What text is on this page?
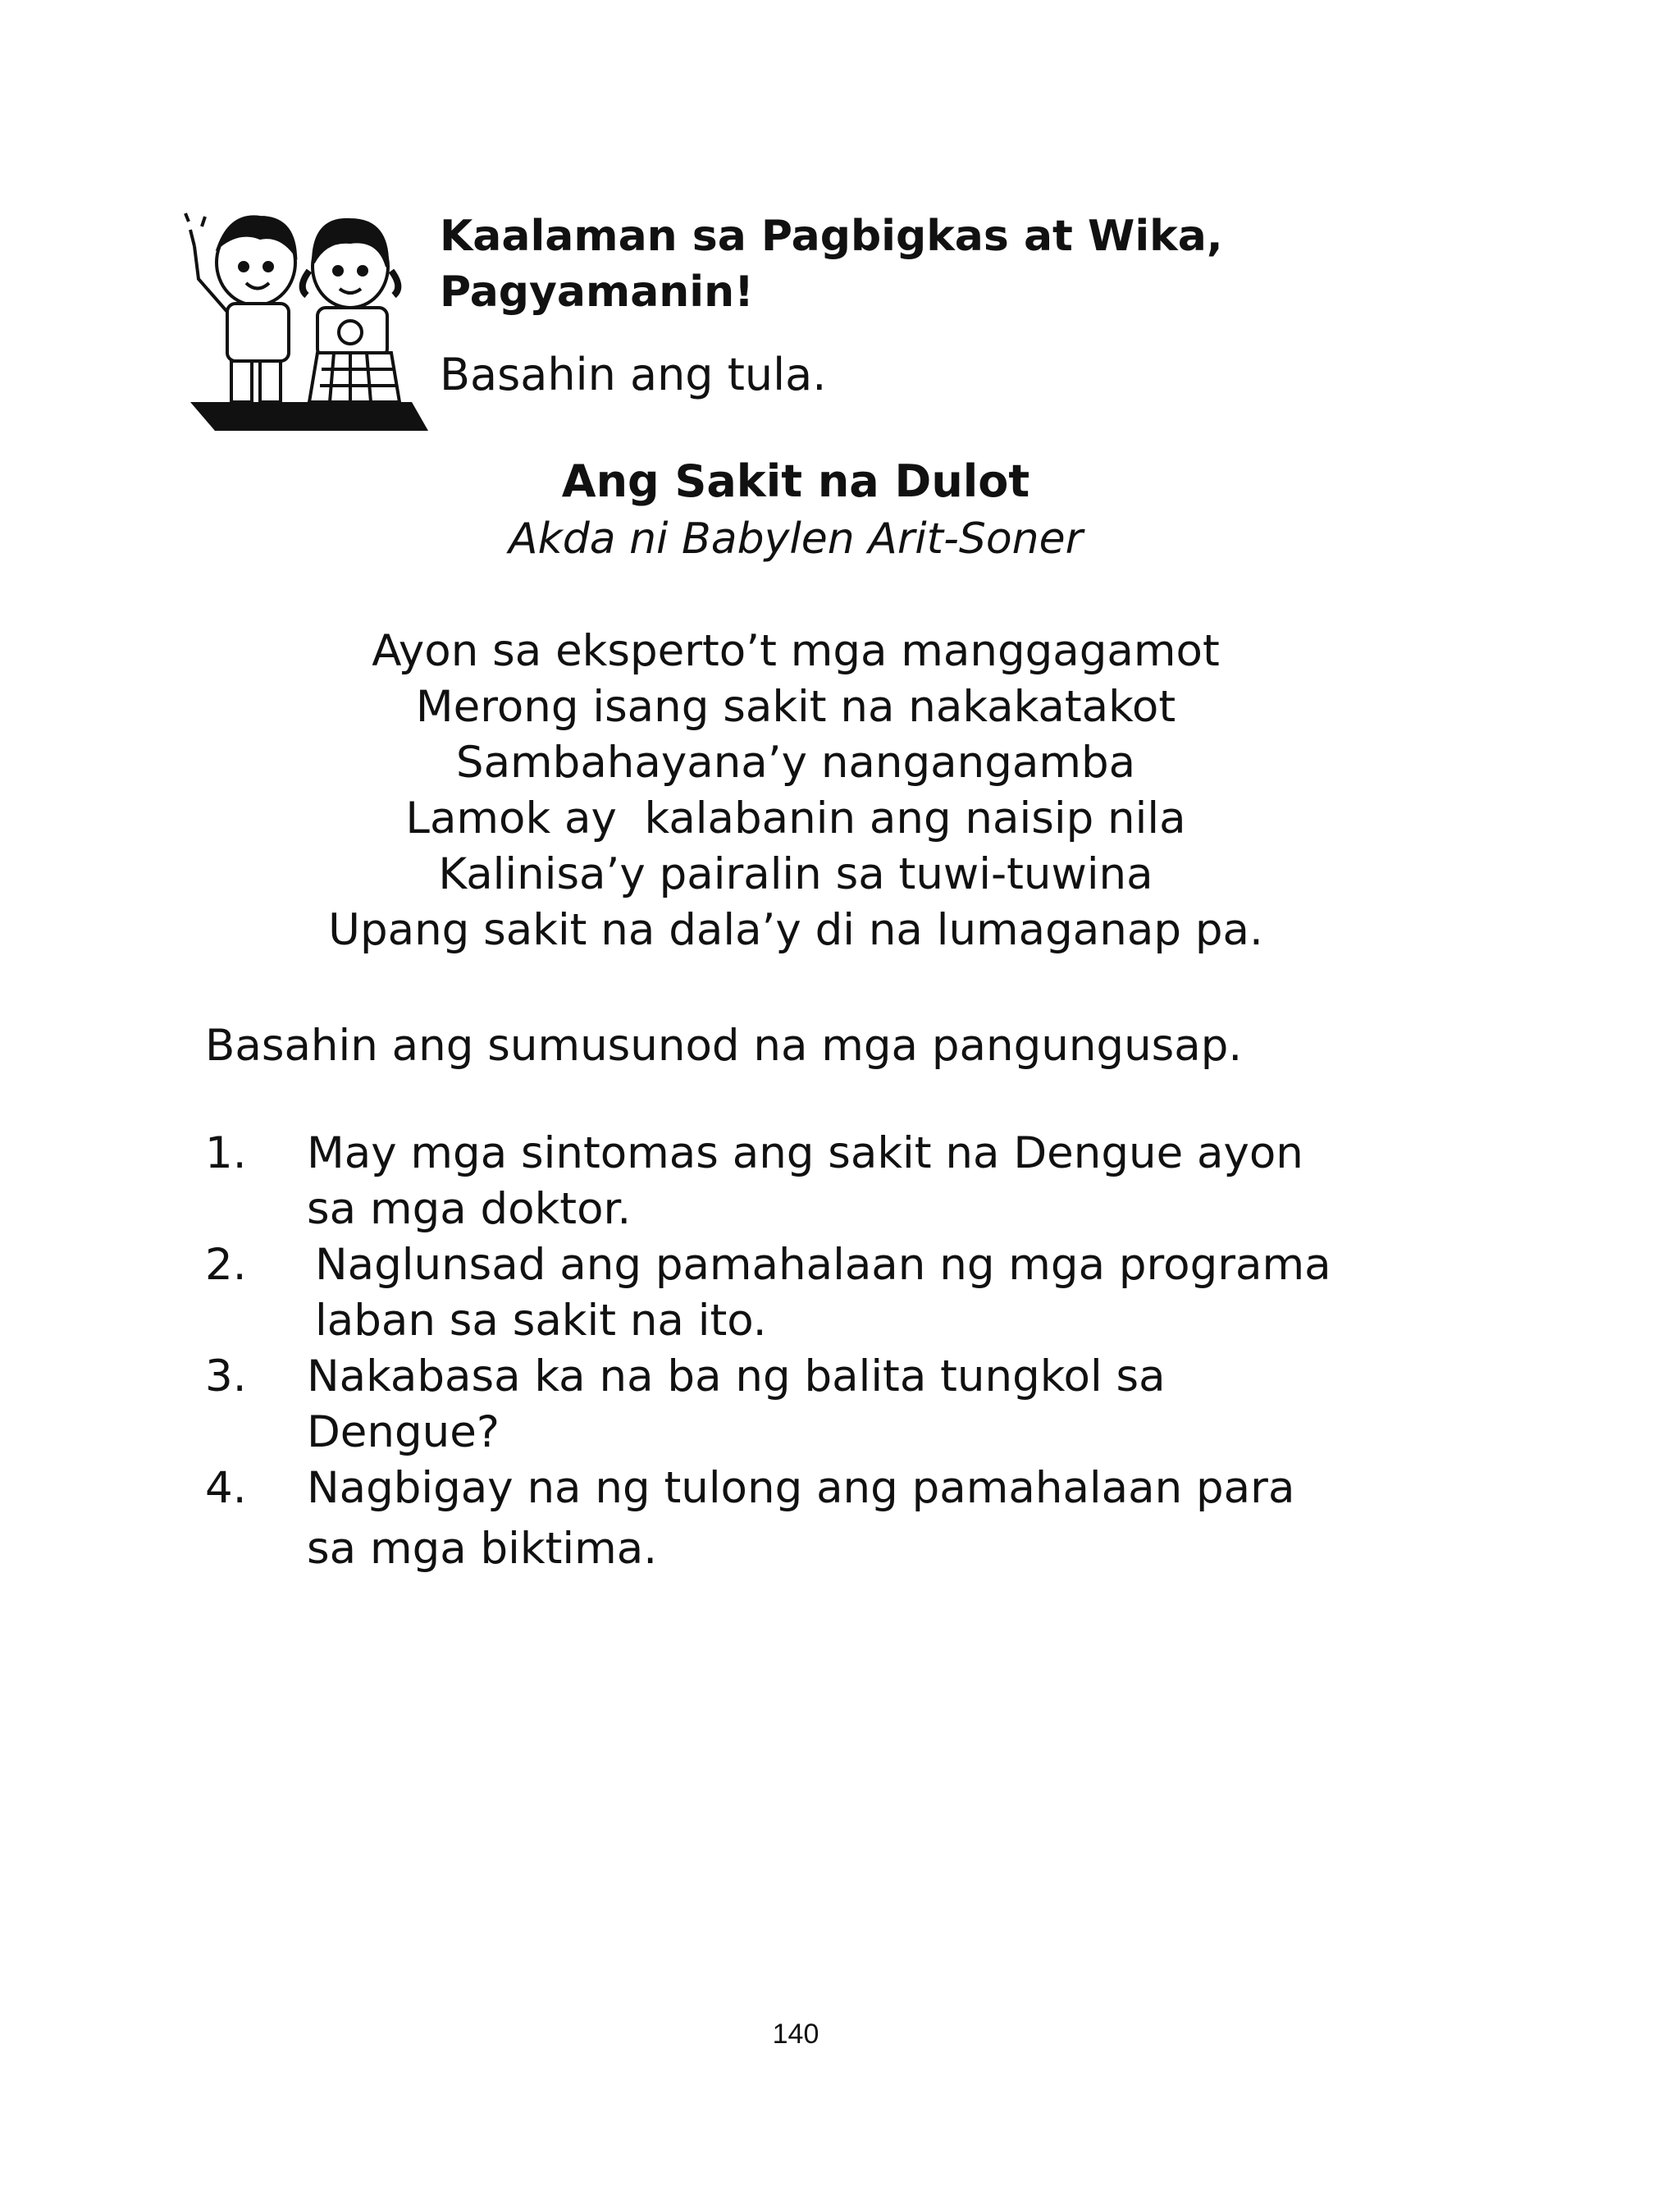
Kaalaman sa Pagbigkas at Wika,
Pagyamanin!
Basahin ang tula.
Ang Sakit na Dulot
Akda ni Babylen Arit-Soner
Ayon sa eksperto’t mga manggagamot
Merong isang sakit na nakakatakot
Sambahayana’y nangangamba
Lamok ay  kalabanin ang naisip nila
Kalinisa’y pairalin sa tuwi-tuwina
Upang sakit na dala’y di na lumaganap pa.
Basahin ang sumusunod na mga pangungusap.
1. May mga sintomas ang sakit na Dengue ayon
sa mga doktor.
2. Naglunsad ang pamahalaan ng mga programa
laban sa sakit na ito.
3. Nakabasa ka na ba ng balita tungkol sa
Dengue?
4. Nagbigay na ng tulong ang pamahalaan para
sa mga biktima.
140
